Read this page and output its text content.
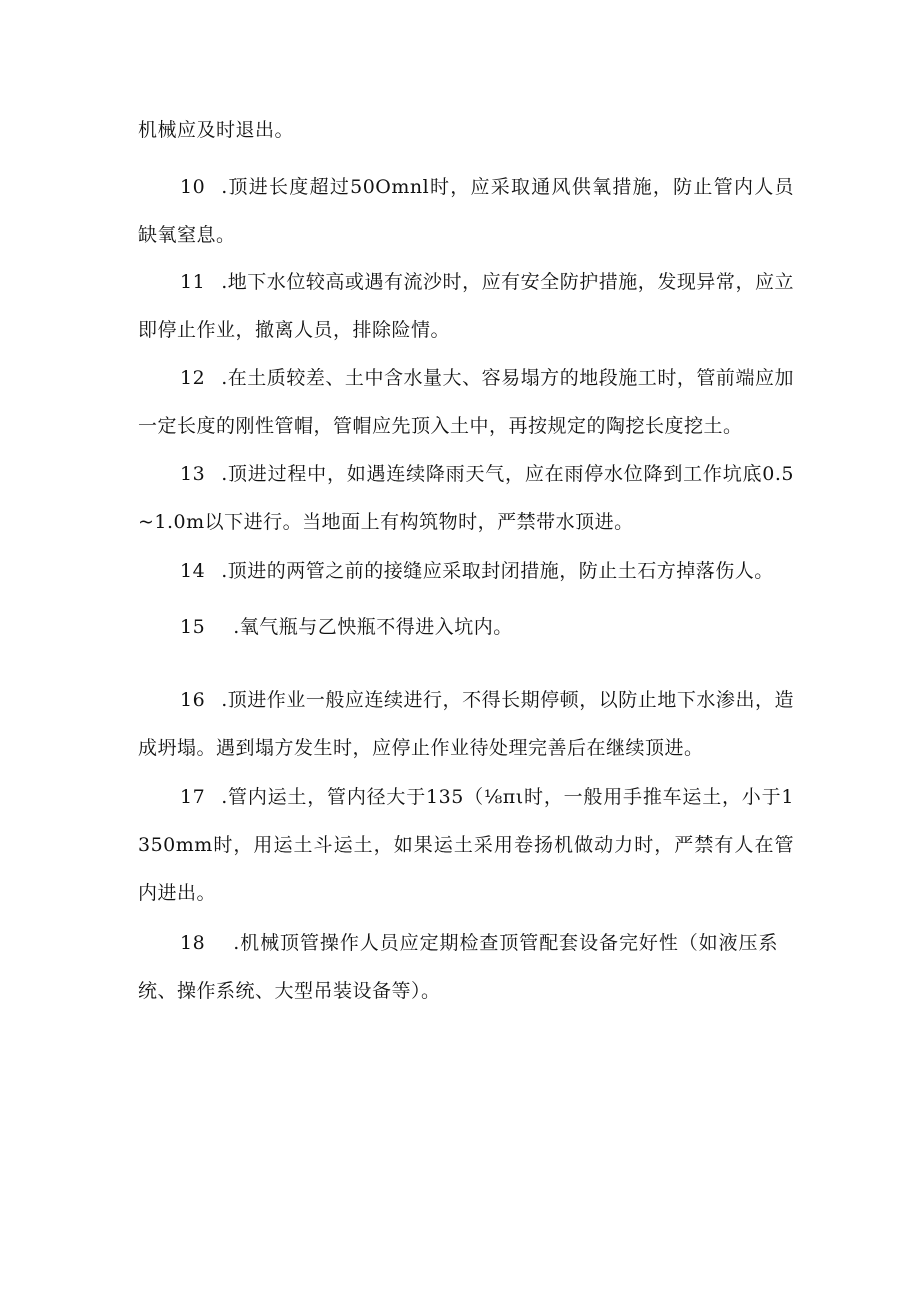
机械应及时退出。

10 .顶进长度超过50Omnl时，应采取通风供氧措施，防止管内人员缺氧窒息。

11 .地下水位较高或遇有流沙时，应有安全防护措施，发现异常，应立即停止作业，撤离人员，排除险情。

12 .在土质较差、土中含水量大、容易塌方的地段施工时，管前端应加一定长度的刚性管帽，管帽应先顶入土中，再按规定的陶挖长度挖土。

13 .顶进过程中，如遇连续降雨天气，应在雨停水位降到工作坑底0.5~1.0m以下进行。当地面上有构筑物时，严禁带水顶进。

14 .顶进的两管之前的接缝应采取封闭措施，防止土石方掉落伤人。

15 .氧气瓶与乙怏瓶不得进入坑内。

16 .顶进作业一般应连续进行，不得长期停顿，以防止地下水渗出，造成坍塌。遇到塌方发生时，应停止作业待处理完善后在继续顶进。

17 .管内运土，管内径大于135（⅛πι时，一般用手推车运土，小于1350mm时，用运土斗运土，如果运土采用卷扬机做动力时，严禁有人在管内进出。

18 .机械顶管操作人员应定期检查顶管配套设备完好性（如液压系统、操作系统、大型吊装设备等）。
